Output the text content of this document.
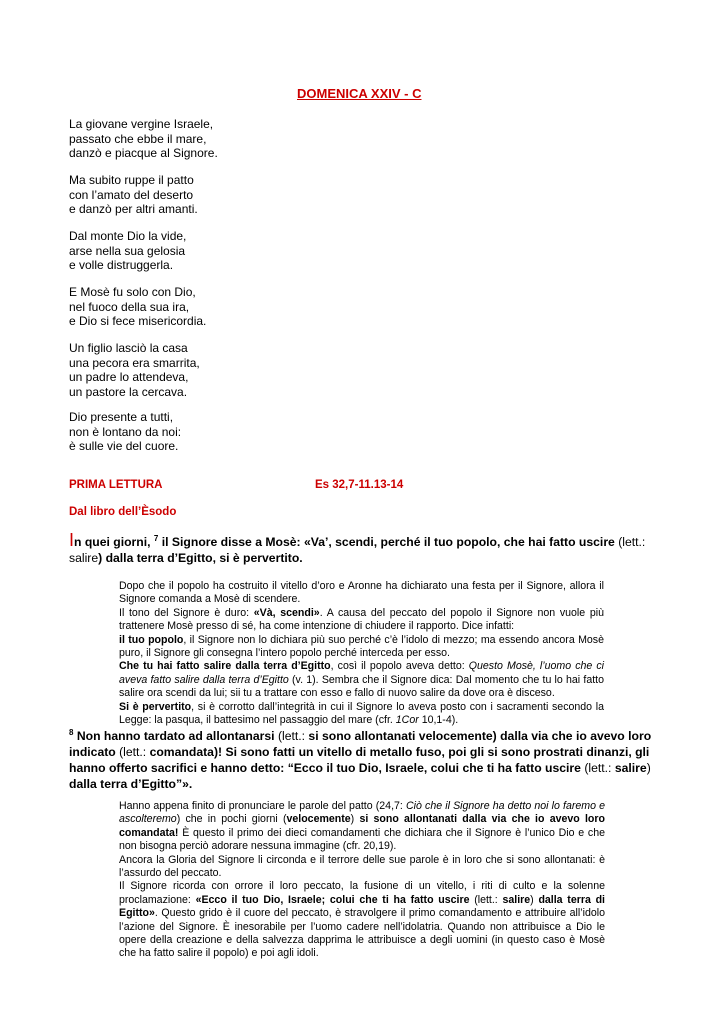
DOMENICA XXIV - C
La giovane vergine Israele,
passato che ebbe il mare,
danzò e piacque al Signore.
Ma subito ruppe il patto
con l’amato del deserto
e danzò per altri amanti.
Dal monte Dio la vide,
arse nella sua gelosia
e volle distruggerla.
E Mosè fu solo con Dio,
nel fuoco della sua ira,
e Dio si fece misericordia.
Un figlio lasciò la casa
una pecora era smarrita,
un padre lo attendeva,
un pastore la cercava.
Dio presente a tutti,
non è lontano da noi:
è sulle vie del cuore.
PRIMA LETTURA	Es 32,7-11.13-14
Dal libro dell’Èsodo
In quei giorni, $^7$ il Signore disse a Mosè: «Va’, scendi, perché il tuo popolo, che hai fatto uscire (lett.:
salire) dalla terra d’Egitto, si è pervertito.

Dopo che il popolo ha costruito il vitello d’oro e Aronne ha dichiarato una festa per il Signore, allora il Signore comanda a Mosè di scendere.

Il tono del Signore è duro: «Và, scendi». A causa del peccato del popolo il Signore non vuole più trattenere Mosè presso di sé, ha come intenzione di chiudere il rapporto. Dice infatti:

il tuo popolo, il Signore non lo dichiara più suo perché c’è l’idolo di mezzo; ma essendo ancora Mosè puro, il Signore gli consegna l’intero popolo perché interceda per esso.

Che tu hai fatto salire dalla terra d’Egitto, così il popolo aveva detto: Questo Mosè, l’uomo che ci aveva fatto salire dalla terra d’Egitto (v. 1). Sembra che il Signore dica: Dal momento che tu lo hai fatto salire ora scendi da lui; sii tu a trattare con esso e fallo di nuovo salire da dove ora è disceso.

Si è pervertito, si è corrotto dall’integrità in cui il Signore lo aveva posto con i sacramenti secondo la Legge: la pasqua, il battesimo nel passaggio del mare (cfr. 1Cor 10,1-4).

$^8$ Non hanno tardato ad allontanarsi (lett.: si sono allontanati velocemente) dalla via che io avevo loro indicato (lett.: comandata)! Si sono fatti un vitello di metallo fuso, poi gli si sono prostrati dinanzi, gli hanno offerto sacrifici e hanno detto: “Ecco il tuo Dio, Israele, colui che ti ha fatto uscire (lett.: salire)
dalla terra d’Egitto”».

Hanno appena finito di pronunciare le parole del patto (24,7: Ciò che il Signore ha detto noi lo faremo e ascolteremo) che in pochi giorni (velocemente) si sono allontanati dalla via che io avevo loro comandata! È questo il primo dei dieci comandamenti che dichiara che il Signore è l’unico Dio e che non bisogna perciò adorare nessuna immagine (cfr. 20,19).

Ancora la Gloria del Signore li circonda e il terrore delle sue parole è in loro che si sono allontanati: è l’assurdo del peccato.

Il Signore ricorda con orrore il loro peccato, la fusione di un vitello, i riti di culto e la solenne proclamazione: «Ecco il tuo Dio, Israele; colui che ti ha fatto uscire (lett.: salire) dalla terra di Egitto». Questo grido è il cuore del peccato, è stravolgere il primo comandamento e attribuire all’idolo l’azione del Signore. È inesorabile per l’uomo cadere nell’idolatria. Quando non attribuisce a Dio le opere della creazione e della salvezza dapprima le attribuisce a degli uomini (in questo caso è Mosè che ha fatto salire il popolo) e poi agli idoli.
